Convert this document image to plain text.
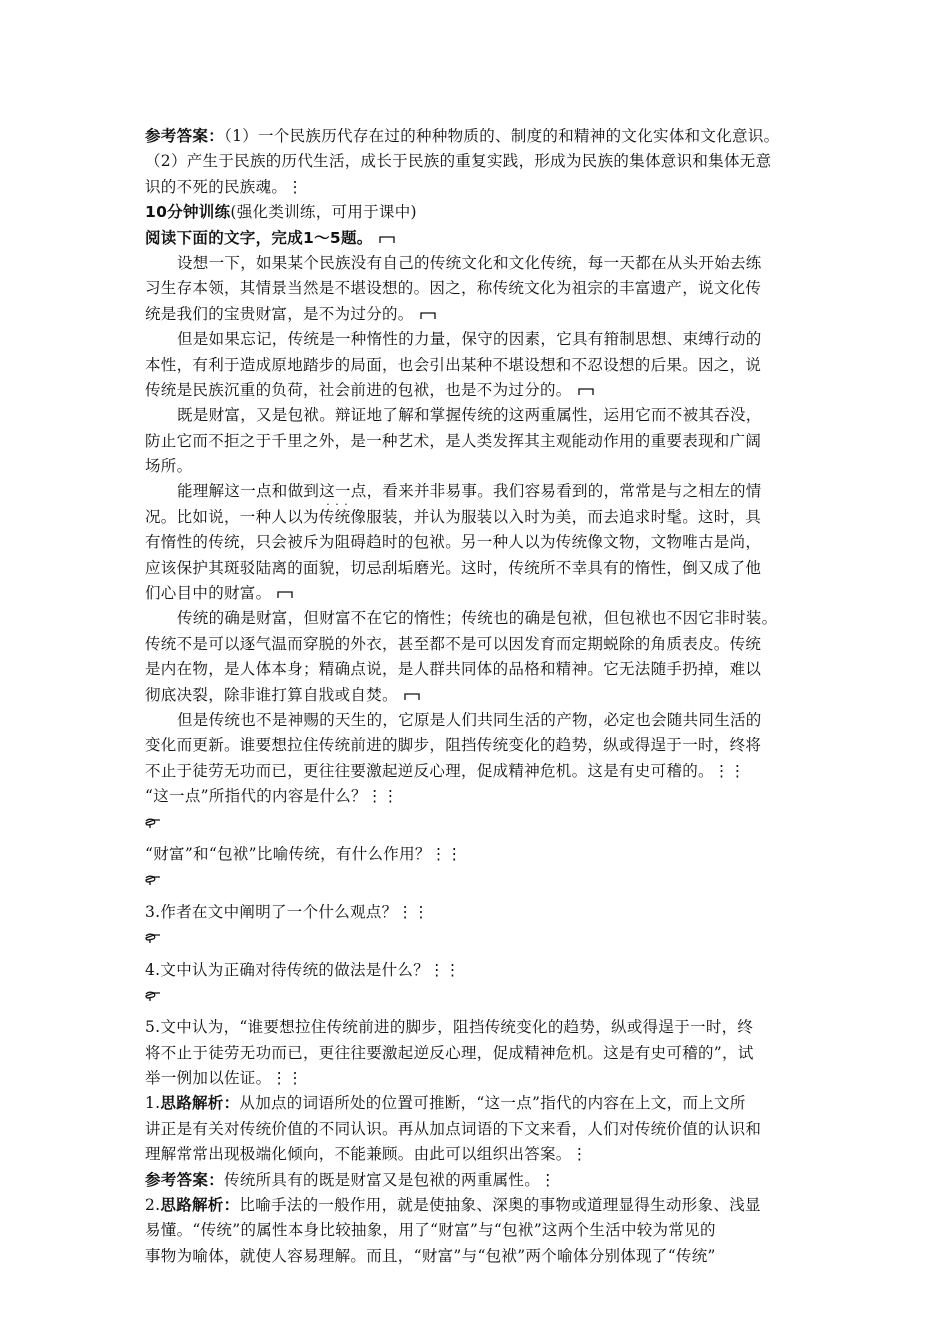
参考答案：（1）一个民族历代存在过的种种物质的、制度的和精神的文化实体和文化意识。
（2）产生于民族的历代生活，成长于民族的重复实践，形成为民族的集体意识和集体无意
识的不死的民族魂。⋮
10分钟训练(强化类训练，可用于课中)
阅读下面的文字，完成1～5题。
设想一下，如果某个民族没有自己的传统文化和文化传统，每一天都在从头开始去练
习生存本领，其情景当然是不堪设想的。因之，称传统文化为祖宗的丰富遗产，说文化传
统是我们的宝贵财富，是不为过分的。
但是如果忘记，传统是一种惰性的力量，保守的因素，它具有箝制思想、束缚行动的
本性，有利于造成原地踏步的局面，也会引出某种不堪设想和不忍设想的后果。因之，说
传统是民族沉重的负荷，社会前进的包袱，也是不为过分的。
既是财富，又是包袱。辩证地了解和掌握传统的这两重属性，运用它而不被其吞没，
防止它而不拒之于千里之外，是一种艺术，是人类发挥其主观能动作用的重要表现和广阔
场所。
能理解这一点和做到这一点 · · ·，看来并非易事。我们容易看到的，常常是与之相左的情
况。比如说，一种人以为传统像服装，并认为服装以入时为美，而去追求时髦。这时，具
有惰性的传统，只会被斥为阻碍趋时的包袱。另一种人以为传统像文物，文物唯古是尚，
应该保护其斑驳陆离的面貌，切忌刮垢磨光。这时，传统所不幸具有的惰性，倒又成了他
们心目中的财富。
传统的确是财富，但财富不在它的惰性；传统也的确是包袱，但包袱也不因它非时装。
传统不是可以逐气温而穿脱的外衣，甚至都不是可以因发育而定期蜕除的角质表皮。传统
是内在物，是人体本身；精确点说，是人群共同体的品格和精神。它无法随手扔掉，难以
彻底决裂，除非谁打算自戕或自焚。
但是传统也不是神赐的天生的，它原是人们共同生活的产物，必定也会随共同生活的
变化而更新。谁要想拉住传统前进的脚步，阻挡传统变化的趋势，纵或得逞于一时，终将
不止于徒劳无功而已，更往往要激起逆反心理，促成精神危机。这是有史可稽的。⋮⋮
“这一点”所指代的内容是什么？⋮⋮
“财富”和“包袱”比喻传统，有什么作用？⋮⋮
3.作者在文中阐明了一个什么观点？⋮⋮
4.文中认为正确对待传统的做法是什么？⋮⋮
5.文中认为，“谁要想拉住传统前进的脚步，阻挡传统变化的趋势，纵或得逞于一时，终
将不止于徒劳无功而已，更往往要激起逆反心理，促成精神危机。这是有史可稽的”，试
举一例加以佐证。⋮⋮
1.思路解析：从加点的词语所处的位置可推断，“这一点”指代的内容在上文，而上文所
讲正是有关对传统价值的不同认识。再从加点词语的下文来看，人们对传统价值的认识和
理解常常出现极端化倾向，不能兼顾。由此可以组织出答案。⋮
参考答案：传统所具有的既是财富又是包袱的两重属性。⋮
2.思路解析：比喻手法的一般作用，就是使抽象、深奥的事物或道理显得生动形象、浅显
易懂。“传统”的属性本身比较抽象，用了“财富”与“包袱”这两个生活中较为常见的
事物为喻体，就使人容易理解。而且，“财富”与“包袱”两个喻体分别体现了“传统”
